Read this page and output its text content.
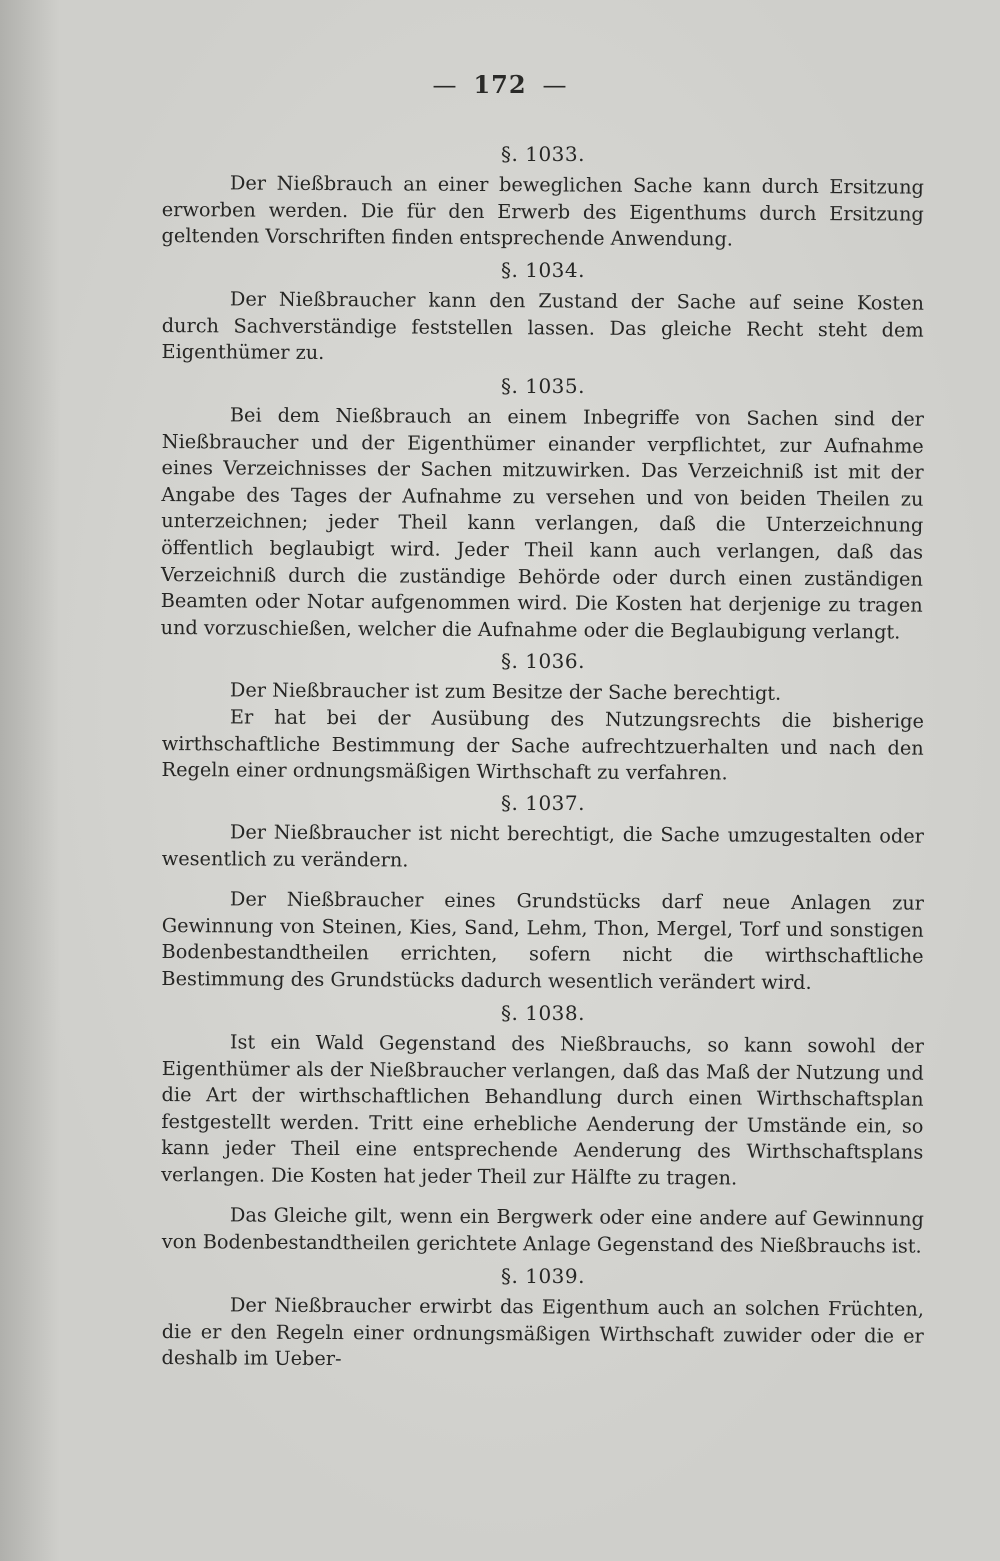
— 172 —

§. 1033.

Der Nießbrauch an einer beweglichen Sache kann durch Ersitzung erworben werden. Die für den Erwerb des Eigenthums durch Ersitzung geltenden Vorschriften finden entsprechende Anwendung.

§. 1034.

Der Nießbraucher kann den Zustand der Sache auf seine Kosten durch Sachverständige feststellen lassen. Das gleiche Recht steht dem Eigenthümer zu.

§. 1035.

Bei dem Nießbrauch an einem Inbegriffe von Sachen sind der Nießbraucher und der Eigenthümer einander verpflichtet, zur Aufnahme eines Verzeichnisses der Sachen mitzuwirken. Das Verzeichniß ist mit der Angabe des Tages der Aufnahme zu versehen und von beiden Theilen zu unterzeichnen; jeder Theil kann verlangen, daß die Unterzeichnung öffentlich beglaubigt wird. Jeder Theil kann auch verlangen, daß das Verzeichniß durch die zuständige Behörde oder durch einen zuständigen Beamten oder Notar aufgenommen wird. Die Kosten hat derjenige zu tragen und vorzuschießen, welcher die Aufnahme oder die Beglaubigung verlangt.

§. 1036.

Der Nießbraucher ist zum Besitze der Sache berechtigt.

Er hat bei der Ausübung des Nutzungsrechts die bisherige wirthschaftliche Bestimmung der Sache aufrechtzuerhalten und nach den Regeln einer ordnungsmäßigen Wirthschaft zu verfahren.

§. 1037.

Der Nießbraucher ist nicht berechtigt, die Sache umzugestalten oder wesentlich zu verändern.

Der Nießbraucher eines Grundstücks darf neue Anlagen zur Gewinnung von Steinen, Kies, Sand, Lehm, Thon, Mergel, Torf und sonstigen Bodenbestandtheilen errichten, sofern nicht die wirthschaftliche Bestimmung des Grundstücks dadurch wesentlich verändert wird.

§. 1038.

Ist ein Wald Gegenstand des Nießbrauchs, so kann sowohl der Eigenthümer als der Nießbraucher verlangen, daß das Maß der Nutzung und die Art der wirthschaftlichen Behandlung durch einen Wirthschaftsplan festgestellt werden. Tritt eine erhebliche Aenderung der Umstände ein, so kann jeder Theil eine entsprechende Aenderung des Wirthschaftsplans verlangen. Die Kosten hat jeder Theil zur Hälfte zu tragen.

Das Gleiche gilt, wenn ein Bergwerk oder eine andere auf Gewinnung von Bodenbestandtheilen gerichtete Anlage Gegenstand des Nießbrauchs ist.

§. 1039.

Der Nießbraucher erwirbt das Eigenthum auch an solchen Früchten, die er den Regeln einer ordnungsmäßigen Wirthschaft zuwider oder die er deshalb im Ueber-
